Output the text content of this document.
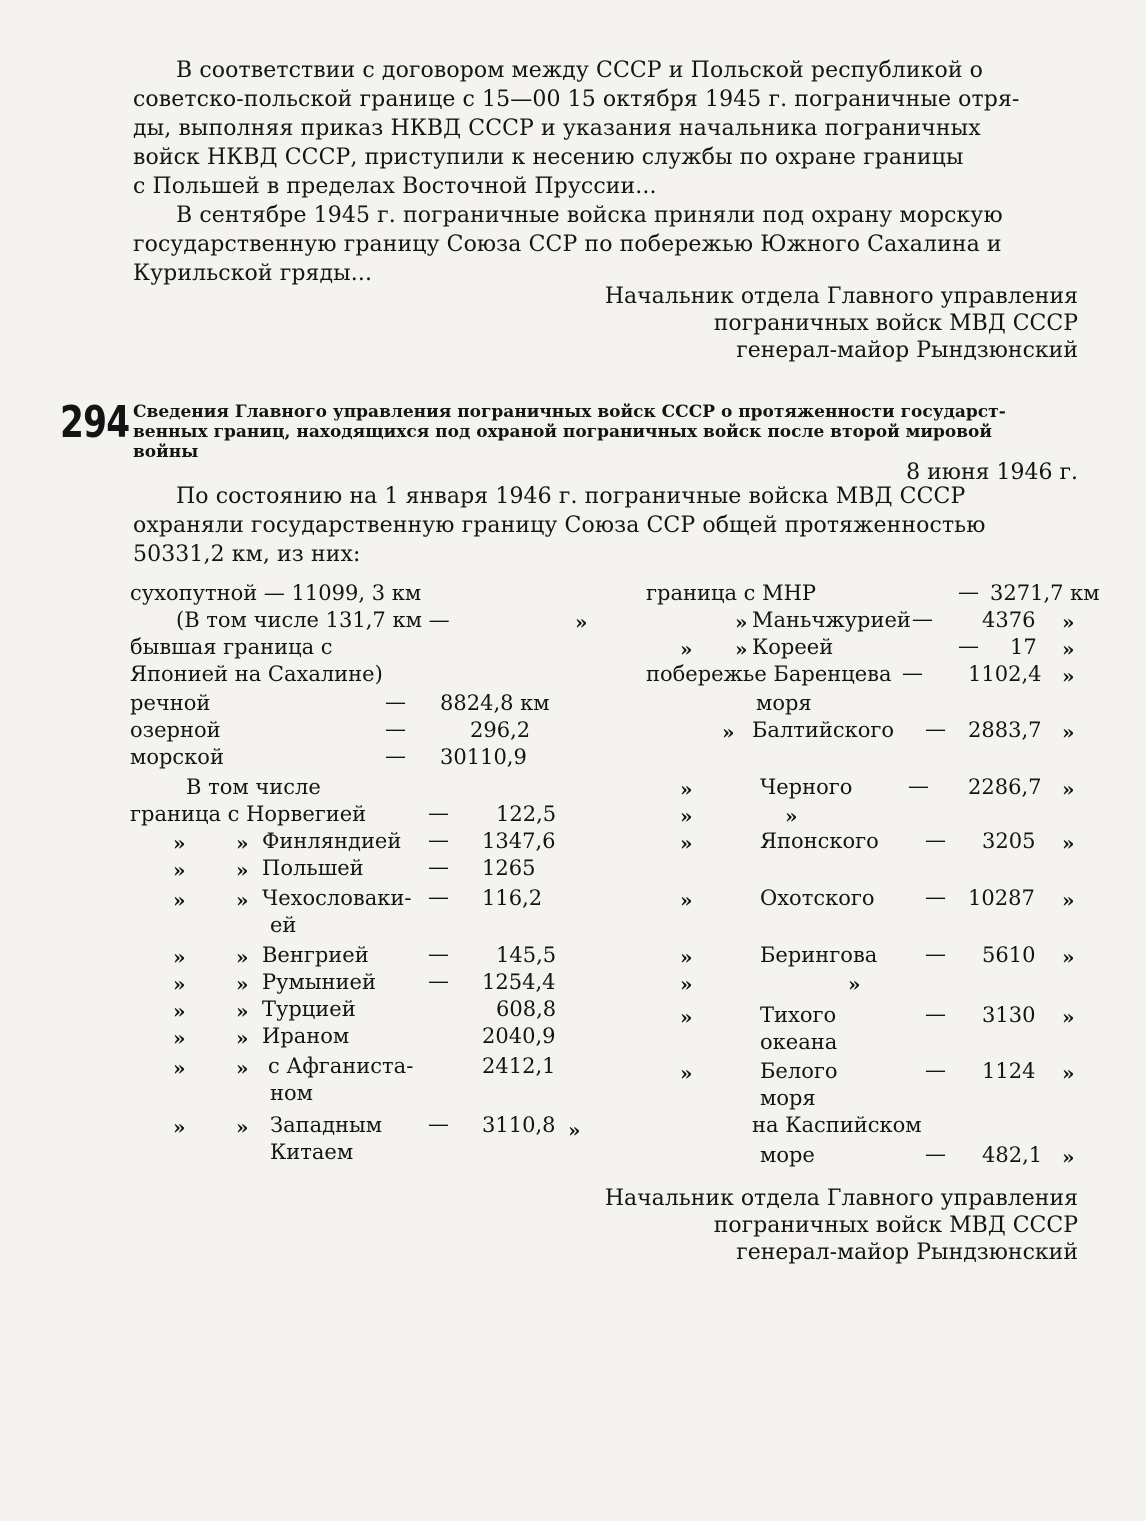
В соответствии с договором между СССР и Польской республикой о
советско-польской границе с 15—00 15 октября 1945 г. пограничные отря-
ды, выполняя приказ НКВД СССР и указания начальника пограничных
войск НКВД СССР, приступили к несению службы по охране границы
с Польшей в пределах Восточной Пруссии...
В сентябре 1945 г. пограничные войска приняли под охрану морскую
государственную границу Союза ССР по побережью Южного Сахалина и
Курильской гряды...
Начальник отдела Главного управления
пограничных войск МВД СССР
генерал-майор Рындзюнский
294 Сведения Главного управления пограничных войск СССР о протяженности государст-
венных границ, находящихся под охраной пограничных войск после второй мировой
войны
8 июня 1946 г.
По состоянию на 1 января 1946 г. пограничные войска МВД СССР
охраняли государственную границу Союза ССР общей протяженностью
50331,2 км, из них:
сухопутной — 11099, 3 км
(В том числе 131,7 км —	»
бывшая граница с
Японией на Сахалине)
речной	— 8824,8 км
озерной	—	296,2
морской	— 30110,9
В том числе
граница с Норвегией	— 122,5
»	» Финляндией — 1347,6
»	» Польшей	— 1265
»	» Чехословаки- — 116,2
ей
»	» Венгрией	— 145,5
»	» Румынией — 1254,4
»	» Турцией	608,8
»	» Ираном	2040,9
»	» с Афганиста-	2412,1
ном
»	» Западным — 3110,8
Китаем
граница с МНР	— 3271,7 км
» Маньчжурией — 4376 »
» » Кореей	— 17 »
побережье Баренцева — 1102,4 »
моря
» Балтийского — 2883,7 »
»	Черного	— 2286,7 »
»	»
»	Японского — 3205 »
»	Охотского — 10287 »
»	Берингова — 5610 »
»	»
»	Тихого	— 3130 »
океана
»	Белого	— 1124 »
моря
»	на Каспийском
море	— 482,1 »
Начальник отдела Главного управления
пограничных войск МВД СССР
генерал-майор Рындзюнский
